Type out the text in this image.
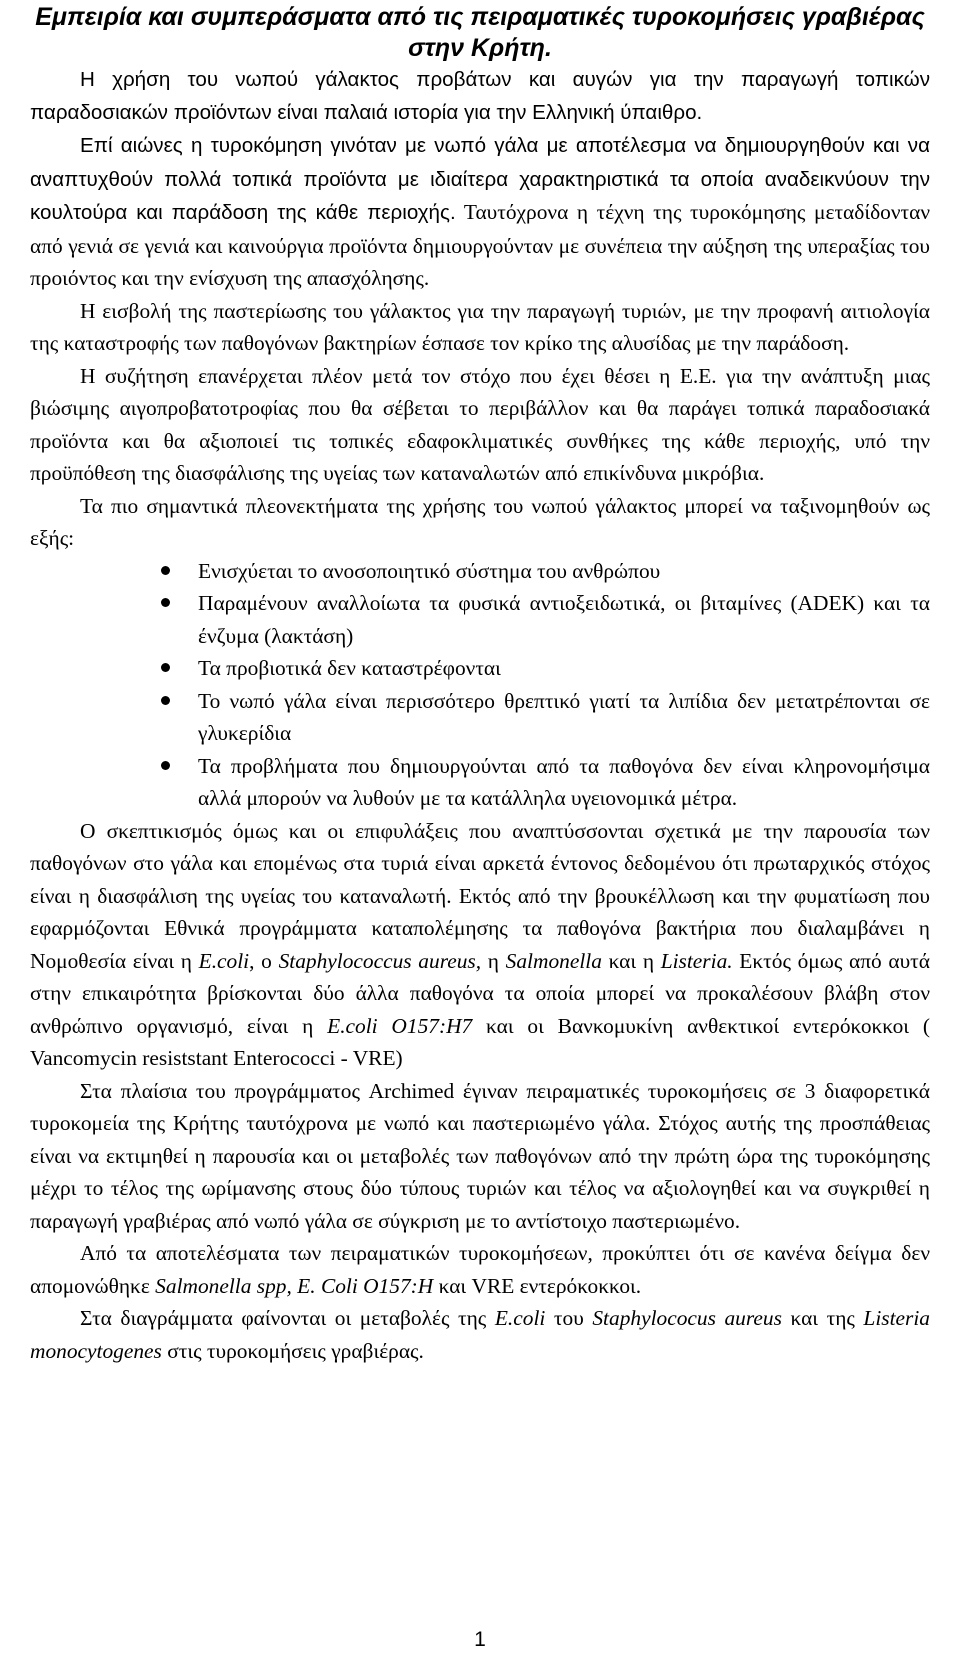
Εμπειρία και συμπεράσματα από τις πειραματικές τυροκομήσεις γραβιέρας στην Κρήτη.

Η χρήση του νωπού γάλακτος προβάτων και αυγών για την παραγωγή τοπικών παραδοσιακών προϊόντων είναι παλαιά ιστορία για την Ελληνική ύπαιθρο.

Επί αιώνες η τυροκόμηση γινόταν με νωπό γάλα με αποτέλεσμα να δημιουργηθούν και να αναπτυχθούν πολλά τοπικά προϊόντα με ιδιαίτερα χαρακτηριστικά τα οποία αναδεικνύουν την κουλτούρα και παράδοση της κάθε περιοχής. Ταυτόχρονα η τέχνη της τυροκόμησης μεταδίδονταν από γενιά σε γενιά και καινούργια προϊόντα δημιουργούνταν με συνέπεια την αύξηση της υπεραξίας του προιόντος και την ενίσχυση της απασχόλησης.

Η εισβολή της παστερίωσης του γάλακτος για την παραγωγή τυριών, με την προφανή αιτιολογία της καταστροφής των παθογόνων βακτηρίων έσπασε τον κρίκο της αλυσίδας με την παράδοση.

Η συζήτηση επανέρχεται πλέον μετά τον στόχο που έχει θέσει η Ε.Ε. για την ανάπτυξη μιας βιώσιμης αιγοπροβατοτροφίας που θα σέβεται το περιβάλλον και θα παράγει τοπικά παραδοσιακά προϊόντα και θα αξιοποιεί τις τοπικές εδαφοκλιματικές συνθήκες της κάθε περιοχής, υπό την προϋπόθεση της διασφάλισης της υγείας των καταναλωτών από επικίνδυνα μικρόβια.

Τα πιο σημαντικά πλεονεκτήματα της χρήσης του νωπού γάλακτος μπορεί να ταξινομηθούν ως εξής:

Ενισχύεται το ανοσοποιητικό σύστημα του ανθρώπου
Παραμένουν αναλλοίωτα τα φυσικά αντιοξειδωτικά, οι βιταμίνες (ADEK) και τα ένζυμα (λακτάση)
Τα προβιοτικά δεν καταστρέφονται
Το νωπό γάλα είναι περισσότερο θρεπτικό γιατί τα λιπίδια δεν μετατρέπονται σε γλυκερίδια
Τα προβλήματα που δημιουργούνται από τα παθογόνα δεν είναι κληρονομήσιμα αλλά μπορούν να λυθούν με τα κατάλληλα υγειονομικά μέτρα.

Ο σκεπτικισμός όμως και οι επιφυλάξεις που αναπτύσσονται σχετικά με την παρουσία των παθογόνων στο γάλα και επομένως στα τυριά είναι αρκετά έντονος δεδομένου ότι πρωταρχικός στόχος είναι η διασφάλιση της υγείας του καταναλωτή. Εκτός από την βρουκέλλωση και την φυματίωση που εφαρμόζονται Εθνικά προγράμματα καταπολέμησης τα παθογόνα βακτήρια που διαλαμβάνει η Νομοθεσία είναι η E.coli, ο Staphylococcus aureus, η Salmonella και η Listeria. Εκτός όμως από αυτά στην επικαιρότητα βρίσκονται δύο άλλα παθογόνα τα οποία μπορεί να προκαλέσουν βλάβη στον ανθρώπινο οργανισμό, είναι η E.coli O157:H7 και οι Βανκομυκίνη ανθεκτικοί εντερόκοκκοι ( Vancomycin resiststant Enterococci - VRE)

Στα πλαίσια του προγράμματος Archimed έγιναν πειραματικές τυροκομήσεις σε 3 διαφορετικά τυροκομεία της Κρήτης ταυτόχρονα με νωπό και παστεριωμένο γάλα. Στόχος αυτής της προσπάθειας είναι να εκτιμηθεί η παρουσία και οι μεταβολές των παθογόνων από την πρώτη ώρα της τυροκόμησης μέχρι το τέλος της ωρίμανσης στους δύο τύπους τυριών και τέλος να αξιολογηθεί και να συγκριθεί η παραγωγή γραβιέρας από νωπό γάλα σε σύγκριση με το αντίστοιχο παστεριωμένο.

Από τα αποτελέσματα των πειραματικών τυροκομήσεων, προκύπτει ότι σε κανένα δείγμα δεν απομονώθηκε Salmonella spp, E. Coli O157:H και VRE εντερόκοκκοι.

Στα διαγράμματα φαίνονται οι μεταβολές της E.coli του Staphylococus aureus και της Listeria monocytogenes στις τυροκομήσεις γραβιέρας.

1
